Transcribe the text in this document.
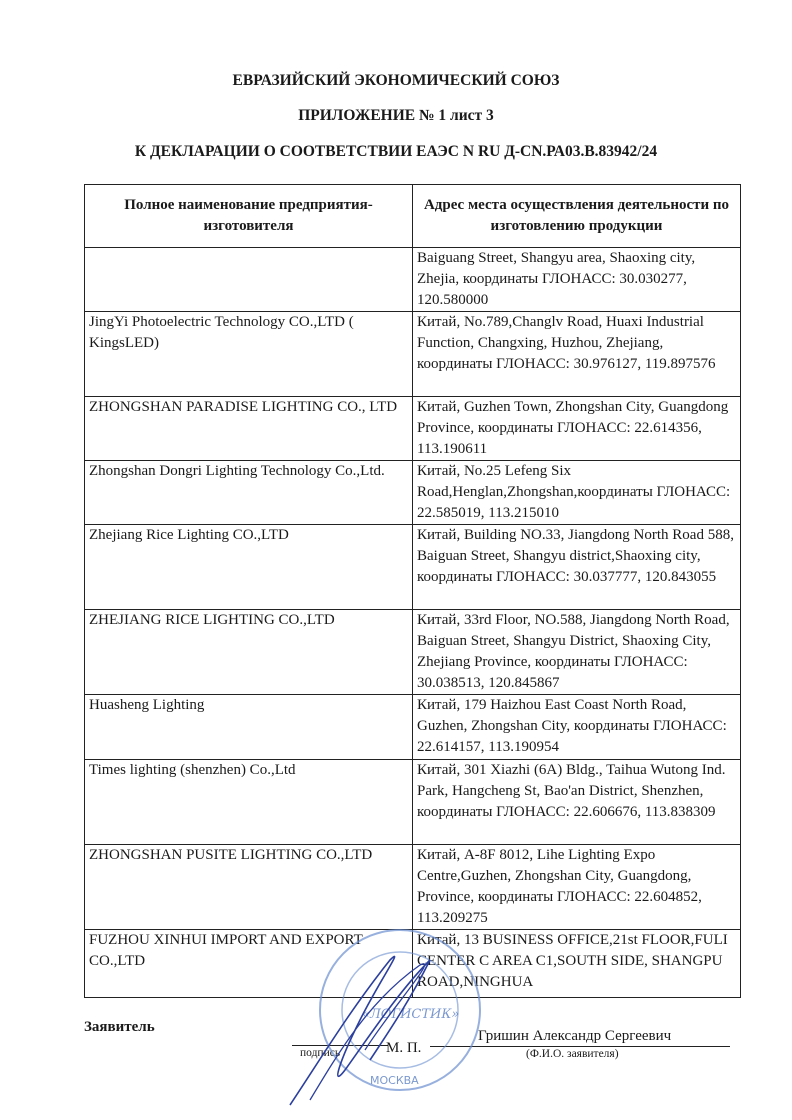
ЕВРАЗИЙСКИЙ ЭКОНОМИЧЕСКИЙ СОЮЗ
ПРИЛОЖЕНИЕ № 1 лист 3
К ДЕКЛАРАЦИИ О СООТВЕТСТВИИ ЕАЭС N RU Д-CN.РА03.В.83942/24
Полное наименование предприятия-изготовителя	Адрес места осуществления деятельности по изготовлению продукции
	Baiguang Street, Shangyu area, Shaoxing city, Zhejia, координаты ГЛОНАСС: 30.030277, 120.580000
JingYi Photoelectric Technology CO.,LTD ( KingsLED)	Китай, No.789,Changlv Road, Huaxi Industrial Function, Changxing, Huzhou, Zhejiang, координаты ГЛОНАСС: 30.976127, 119.897576
ZHONGSHAN PARADISE LIGHTING CO., LTD	Китай, Guzhen Town, Zhongshan City, Guangdong Province, координаты ГЛОНАСС: 22.614356, 113.190611
Zhongshan Dongri Lighting Technology Co.,Ltd.	Китай, No.25 Lefeng Six Road,Henglan,Zhongshan,координаты ГЛОНАСС: 22.585019, 113.215010
Zhejiang Rice Lighting CO.,LTD	Китай, Building NO.33, Jiangdong North Road 588, Baiguan Street, Shangyu district,Shaoxing city, координаты ГЛОНАСС: 30.037777, 120.843055
ZHEJIANG RICE LIGHTING CO.,LTD	Китай, 33rd Floor, NO.588, Jiangdong North Road, Baiguan Street, Shangyu District, Shaoxing City, Zhejiang Province, координаты ГЛОНАСС: 30.038513, 120.845867
Huasheng Lighting	Китай, 179 Haizhou East Coast North Road, Guzhen, Zhongshan City, координаты ГЛОНАСС: 22.614157, 113.190954
Times lighting (shenzhen) Co.,Ltd	Китай, 301 Xiazhi (6A) Bldg., Taihua Wutong Ind. Park, Hangcheng St, Bao'an District, Shenzhen, координаты ГЛОНАСС: 22.606676, 113.838309
ZHONGSHAN PUSITE LIGHTING CO.,LTD	Китай, A-8F 8012, Lihe Lighting Expo Centre,Guzhen, Zhongshan City, Guangdong, Province, координаты ГЛОНАСС: 22.604852, 113.209275
FUZHOU XINHUI IMPORT AND EXPORT CO.,LTD	Китай, 13 BUSINESS OFFICE,21st FLOOR,FULI CENTER C AREA C1,SOUTH SIDE, SHANGPU ROAD,NINGHUA
Заявитель
подпись	М. П.
Гришин Александр Сергеевич
(Ф.И.О. заявителя)
«ЛОГИСТИК»
МОСКВА
